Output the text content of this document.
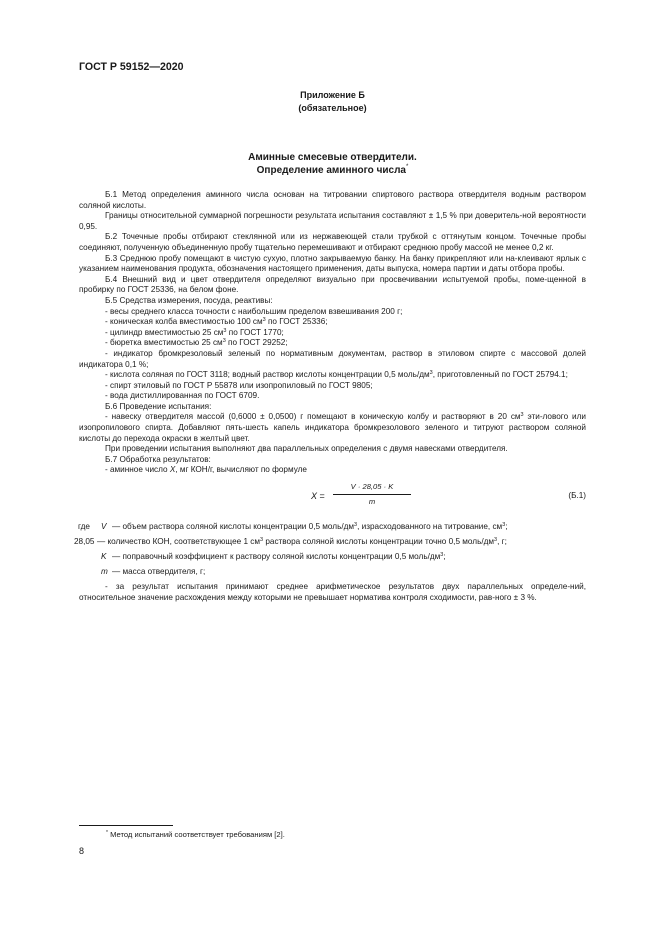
ГОСТ Р 59152—2020
Приложение Б
(обязательное)
Аминные смесевые отвердители.
Определение аминного числа*

Б.1 Метод определения аминного числа основан на титровании спиртового раствора отвердителя водным раствором соляной кислоты.

Границы относительной суммарной погрешности результата испытания составляют ± 1,5 % при доверитель-ной вероятности 0,95.

Б.2 Точечные пробы отбирают стеклянной или из нержавеющей стали трубкой с оттянутым концом. Точечные пробы соединяют, полученную объединенную пробу тщательно перемешивают и отбирают среднюю пробу массой не менее 0,2 кг.

Б.3 Среднюю пробу помещают в чистую сухую, плотно закрываемую банку. На банку прикрепляют или на-клеивают ярлык с указанием наименования продукта, обозначения настоящего применения, даты выпуска, номера партии и даты отбора пробы.

Б.4 Внешний вид и цвет отвердителя определяют визуально при просвечивании испытуемой пробы, поме-щенной в пробирку по ГОСТ 25336, на белом фоне.

Б.5 Средства измерения, посуда, реактивы:

- весы среднего класса точности с наибольшим пределом взвешивания 200 г;

- коническая колба вместимостью 100 $см^3$ по ГОСТ 25336;

- цилиндр вместимостью 25 $см^3$ по ГОСТ 1770;

- бюретка вместимостью 25 $см^3$ по ГОСТ 29252;

- индикатор бромкрезоловый зеленый по нормативным документам, раствор в этиловом спирте с массовой долей индикатора 0,1 %;

- кислота соляная по ГОСТ 3118; водный раствор кислоты концентрации 0,5 моль/$дм^3$, приготовленный по ГОСТ 25794.1;

- спирт этиловый по ГОСТ Р 55878 или изопропиловый по ГОСТ 9805;

- вода дистиллированная по ГОСТ 6709.

Б.6 Проведение испытания:

- навеску отвердителя массой (0,6000 ± 0,0500) г помещают в коническую колбу и растворяют в 20 $см^3$ эти-лового или изопропилового спирта. Добавляют пять-шесть капель индикатора бромкрезолового зеленого и титруют раствором соляной кислоты до перехода окраски в желтый цвет.

При проведении испытания выполняют два параллельных определения с двумя навесками отвердителя.

Б.7 Обработка результатов:

- аминное число X, мг КОН/г, вычисляют по формуле

$X = \frac{V \cdot 28,05 \cdot K}{m}$	(Б.1)
где V — объем раствора соляной кислоты концентрации 0,5 моль/$дм^3$, израсходованного на титрование, $см^3$;
28,05 — количество КОН, соответствующее 1 $см^3$ раствора соляной кислоты концентрации точно 0,5 моль/$дм^3$, г;
K — поправочный коэффициент к раствору соляной кислоты концентрации 0,5 моль/$дм^3$;
m — масса отвердителя, г;

- за результат испытания принимают среднее арифметическое результатов двух параллельных определе-ний, относительное значение расхождения между которыми не превышает норматива контроля сходимости, рав-ного ± 3 %.

* Метод испытаний соответствует требованиям [2].
8
